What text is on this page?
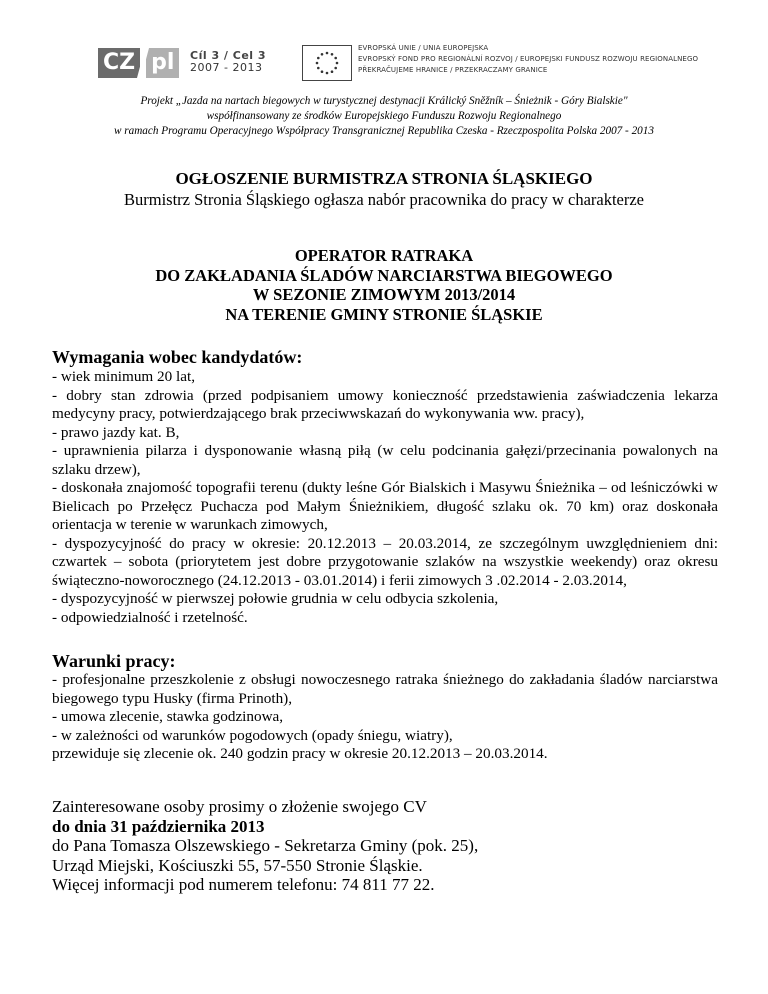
CZ pl	Cíl 3 / Cel 3
2007 - 2013
EVROPSKÁ UNIE / UNIA EUROPEJSKA
EVROPSKÝ FOND PRO REGIONÁLNÍ ROZVOJ / EUROPEJSKI FUNDUSZ ROZWOJU REGIONALNEGO
PŘEKRAČUJEME HRANICE / PRZEKRACZAMY GRANICE
Projekt „Jazda na nartach biegowych w turystycznej destynacji Králický Sněžník – Śnieżnik - Góry Bialskie"
współfinansowany ze środków Europejskiego Funduszu Rozwoju Regionalnego
w ramach Programu Operacyjnego Współpracy Transgranicznej Republika Czeska - Rzeczpospolita Polska 2007 - 2013
OGŁOSZENIE BURMISTRZA STRONIA ŚLĄSKIEGO
Burmistrz Stronia Śląskiego ogłasza nabór pracownika do pracy w charakterze
OPERATOR RATRAKA
DO ZAKŁADANIA ŚLADÓW NARCIARSTWA BIEGOWEGO
W SEZONIE ZIMOWYM 2013/2014
NA TERENIE GMINY STRONIE ŚLĄSKIE
Wymagania wobec kandydatów:
- wiek minimum 20 lat,
- dobry stan zdrowia (przed podpisaniem umowy konieczność przedstawienia zaświadczenia lekarza medycyny pracy, potwierdzającego brak przeciwwskazań do wykonywania ww. pracy),
- prawo jazdy kat. B,
- uprawnienia pilarza i dysponowanie własną piłą (w celu podcinania gałęzi/przecinania powalonych na szlaku drzew),
- doskonała znajomość topografii terenu (dukty leśne Gór Bialskich i Masywu Śnieżnika – od leśniczówki w Bielicach po Przełęcz Puchacza pod Małym Śnieżnikiem, długość szlaku ok. 70 km) oraz doskonała orientacja w terenie w warunkach zimowych,
- dyspozycyjność do pracy w okresie: 20.12.2013 – 20.03.2014, ze szczególnym uwzględnieniem dni: czwartek – sobota (priorytetem jest dobre przygotowanie szlaków na wszystkie weekendy) oraz okresu świąteczno-noworocznego (24.12.2013 - 03.01.2014) i ferii zimowych 3 .02.2014 - 2.03.2014,
- dyspozycyjność w pierwszej połowie grudnia w celu odbycia szkolenia,
- odpowiedzialność i rzetelność.
Warunki pracy:
- profesjonalne przeszkolenie z obsługi nowoczesnego ratraka śnieżnego do zakładania śladów narciarstwa biegowego typu Husky (firma Prinoth),
- umowa zlecenie, stawka godzinowa,
- w zależności od warunków pogodowych (opady śniegu, wiatry),
przewiduje się zlecenie ok. 240 godzin pracy w okresie 20.12.2013 – 20.03.2014.
Zainteresowane osoby prosimy o złożenie swojego CV
do dnia 31 października 2013
do Pana Tomasza Olszewskiego - Sekretarza Gminy (pok. 25),
Urząd Miejski, Kościuszki 55, 57-550 Stronie Śląskie.
Więcej informacji pod numerem telefonu: 74 811 77 22.
